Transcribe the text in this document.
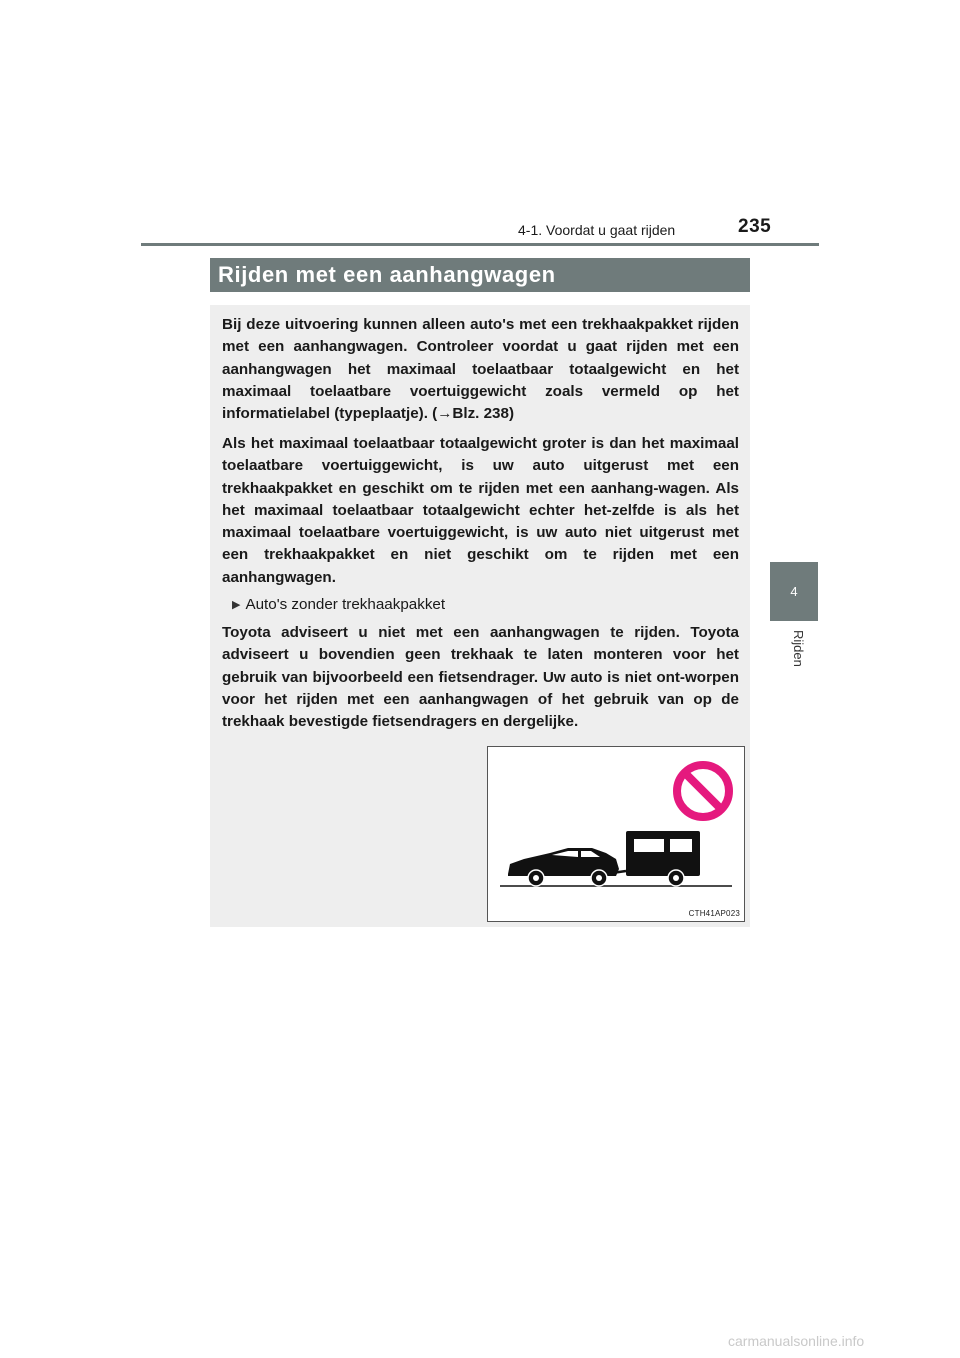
235
4-1. Voordat u gaat rijden
4
Rijden
Rijden met een aanhangwagen

Bij deze uitvoering kunnen alleen auto's met een trekhaakpakket rijden met een aanhangwagen. Controleer voordat u gaat rijden met een aanhangwagen het maximaal toelaatbaar totaalgewicht en het maximaal toelaatbare voertuiggewicht zoals vermeld op het informatielabel (typeplaatje). (→Blz. 238)

Als het maximaal toelaatbaar totaalgewicht groter is dan het maximaal toelaatbare voertuiggewicht, is uw auto uitgerust met een trekhaakpakket en geschikt om te rijden met een aanhang-wagen. Als het maximaal toelaatbaar totaalgewicht echter het-zelfde is als het maximaal toelaatbare voertuiggewicht, is uw auto niet uitgerust met een trekhaakpakket en niet geschikt om te rijden met een aanhangwagen.

▶ Auto's zonder trekhaakpakket

Toyota adviseert u niet met een aanhangwagen te rijden. Toyota adviseert u bovendien geen trekhaak te laten monteren voor het gebruik van bijvoorbeeld een fietsendrager. Uw auto is niet ont-worpen voor het rijden met een aanhangwagen of het gebruik van op de trekhaak bevestigde fietsendragers en dergelijke.

CTH41AP023
carmanualsonline.info
